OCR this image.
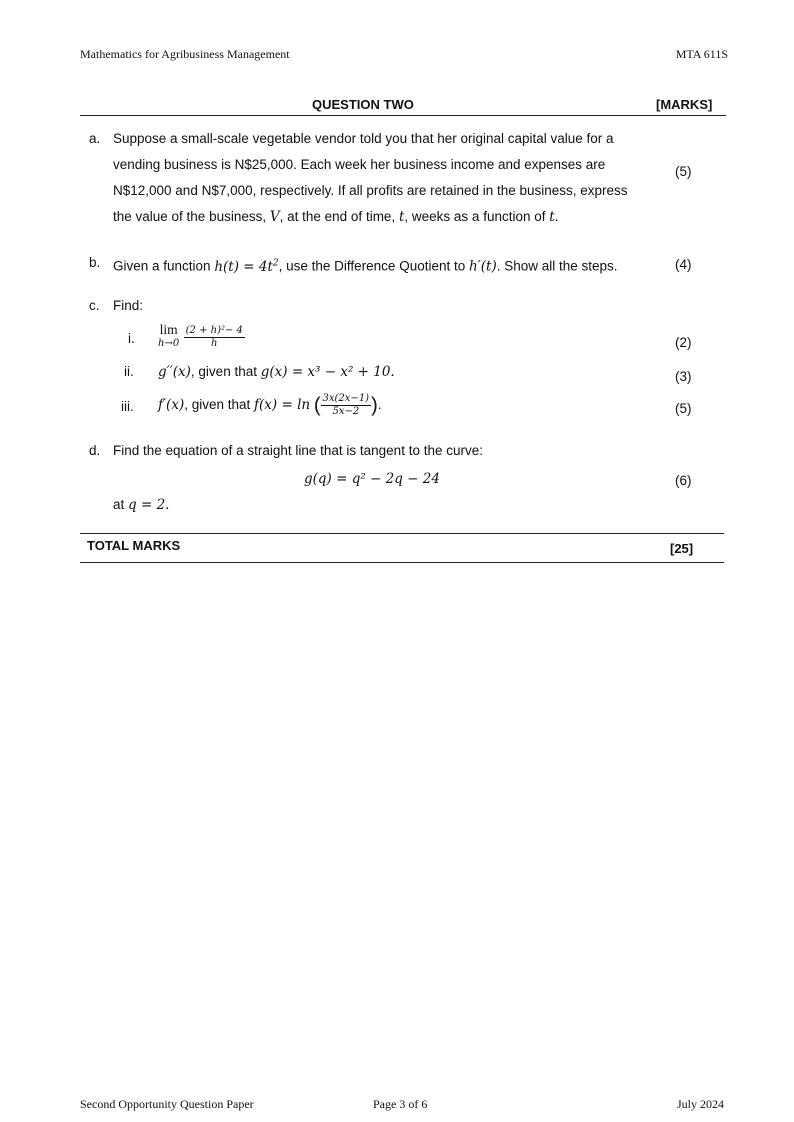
Mathematics for Agribusiness Management	MTA 611S
QUESTION TWO	[MARKS]
a. Suppose a small-scale vegetable vendor told you that her original capital value for a
vending business is N$25,000. Each week her business income and expenses are
N$12,000 and N$7,000, respectively. If all profits are retained in the business, express
the value of the business, V, at the end of time, t, weeks as a function of t.
(5)
b. Given a function $h(t) = 4t^2$, use the Difference Quotient to h′(t). Show all the steps.	(4)
c. Find:
i.
lim
h→0
$\frac{\text{(2 + h)²− 4}}{h}$	(2)
ii. g′′(x), given that g(x) = x³ − x² + 10.	(3)
iii. f′(x), given that f(x) = ln ( $\frac{3x(2x-1)}{5x-2}$ ).	(5)
d. Find the equation of a straight line that is tangent to the curve:
g(q) = q² − 2q − 24	(6)
at q = 2.
TOTAL MARKS	[25]
Second Opportunity Question Paper	Page 3 of 6	July 2024
